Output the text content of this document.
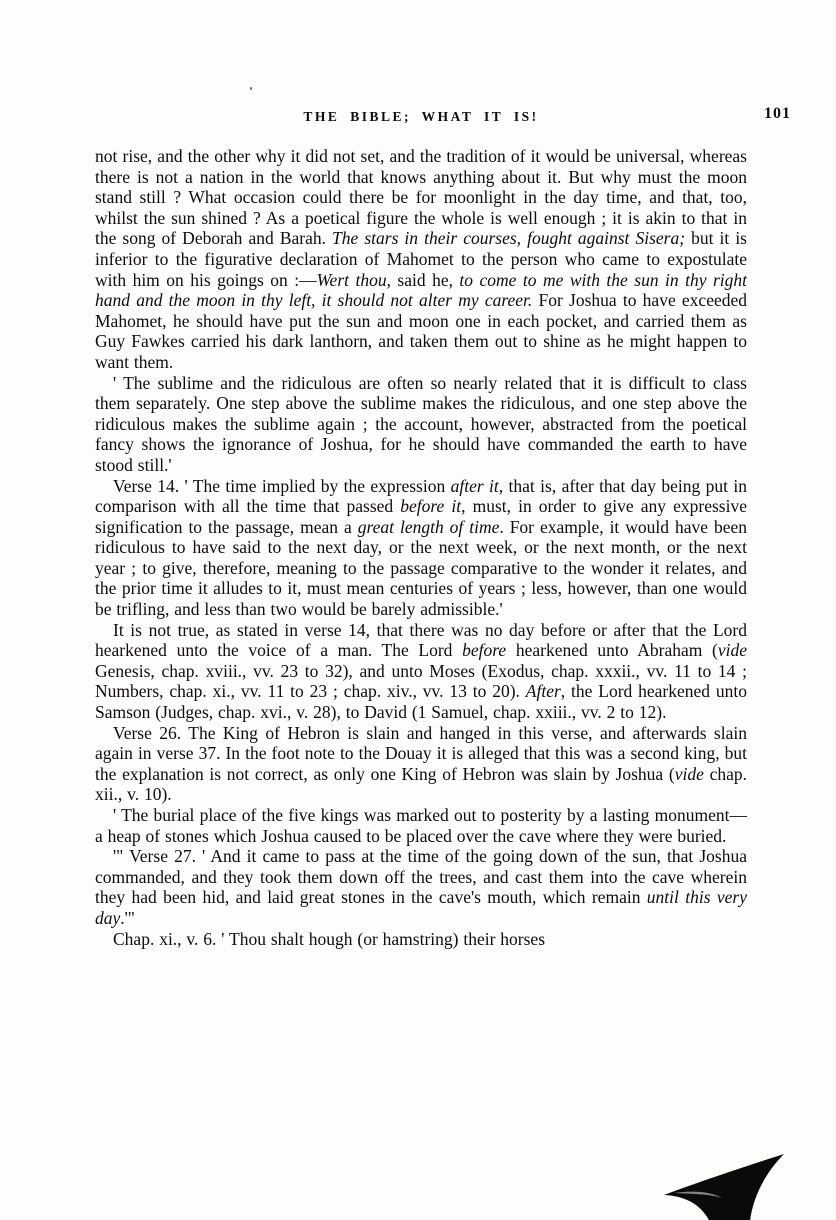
THE BIBLE; WHAT IT IS!	101

not rise, and the other why it did not set, and the tradition of it would be universal, whereas there is not a nation in the world that knows anything about it. But why must the moon stand still ? What occasion could there be for moonlight in the day time, and that, too, whilst the sun shined ? As a poetical figure the whole is well enough ; it is akin to that in the song of Deborah and Barah. The stars in their courses, fought against Sisera; but it is inferior to the figurative declaration of Mahomet to the person who came to expostulate with him on his goings on :—Wert thou, said he, to come to me with the sun in thy right hand and the moon in thy left, it should not alter my career. For Joshua to have exceeded Mahomet, he should have put the sun and moon one in each pocket, and carried them as Guy Fawkes carried his dark lanthorn, and taken them out to shine as he might happen to want them.

' The sublime and the ridiculous are often so nearly related that it is difficult to class them separately. One step above the sublime makes the ridiculous, and one step above the ridiculous makes the sublime again ; the account, however, abstracted from the poetical fancy shows the ignorance of Joshua, for he should have commanded the earth to have stood still.'

Verse 14. ' The time implied by the expression after it, that is, after that day being put in comparison with all the time that passed before it, must, in order to give any expressive signification to the passage, mean a great length of time. For example, it would have been ridiculous to have said to the next day, or the next week, or the next month, or the next year ; to give, therefore, meaning to the passage comparative to the wonder it relates, and the prior time it alludes to it, must mean centuries of years ; less, however, than one would be trifling, and less than two would be barely admissible.'

It is not true, as stated in verse 14, that there was no day before or after that the Lord hearkened unto the voice of a man. The Lord before hearkened unto Abraham (vide Genesis, chap. xviii., vv. 23 to 32), and unto Moses (Exodus, chap. xxxii., vv. 11 to 14 ; Numbers, chap. xi., vv. 11 to 23 ; chap. xiv., vv. 13 to 20). After, the Lord hearkened unto Samson (Judges, chap. xvi., v. 28), to David (1 Samuel, chap. xxiii., vv. 2 to 12).

Verse 26. The King of Hebron is slain and hanged in this verse, and afterwards slain again in verse 37. In the foot note to the Douay it is alleged that this was a second king, but the explanation is not correct, as only one King of Hebron was slain by Joshua (vide chap. xii., v. 10).

' The burial place of the five kings was marked out to posterity by a lasting monument—a heap of stones which Joshua caused to be placed over the cave where they were buried.

'" Verse 27. ' And it came to pass at the time of the going down of the sun, that Joshua commanded, and they took them down off the trees, and cast them into the cave wherein they had been hid, and laid great stones in the cave's mouth, which remain until this very day.'"

Chap. xi., v. 6. ' Thou shalt hough (or hamstring) their horses
